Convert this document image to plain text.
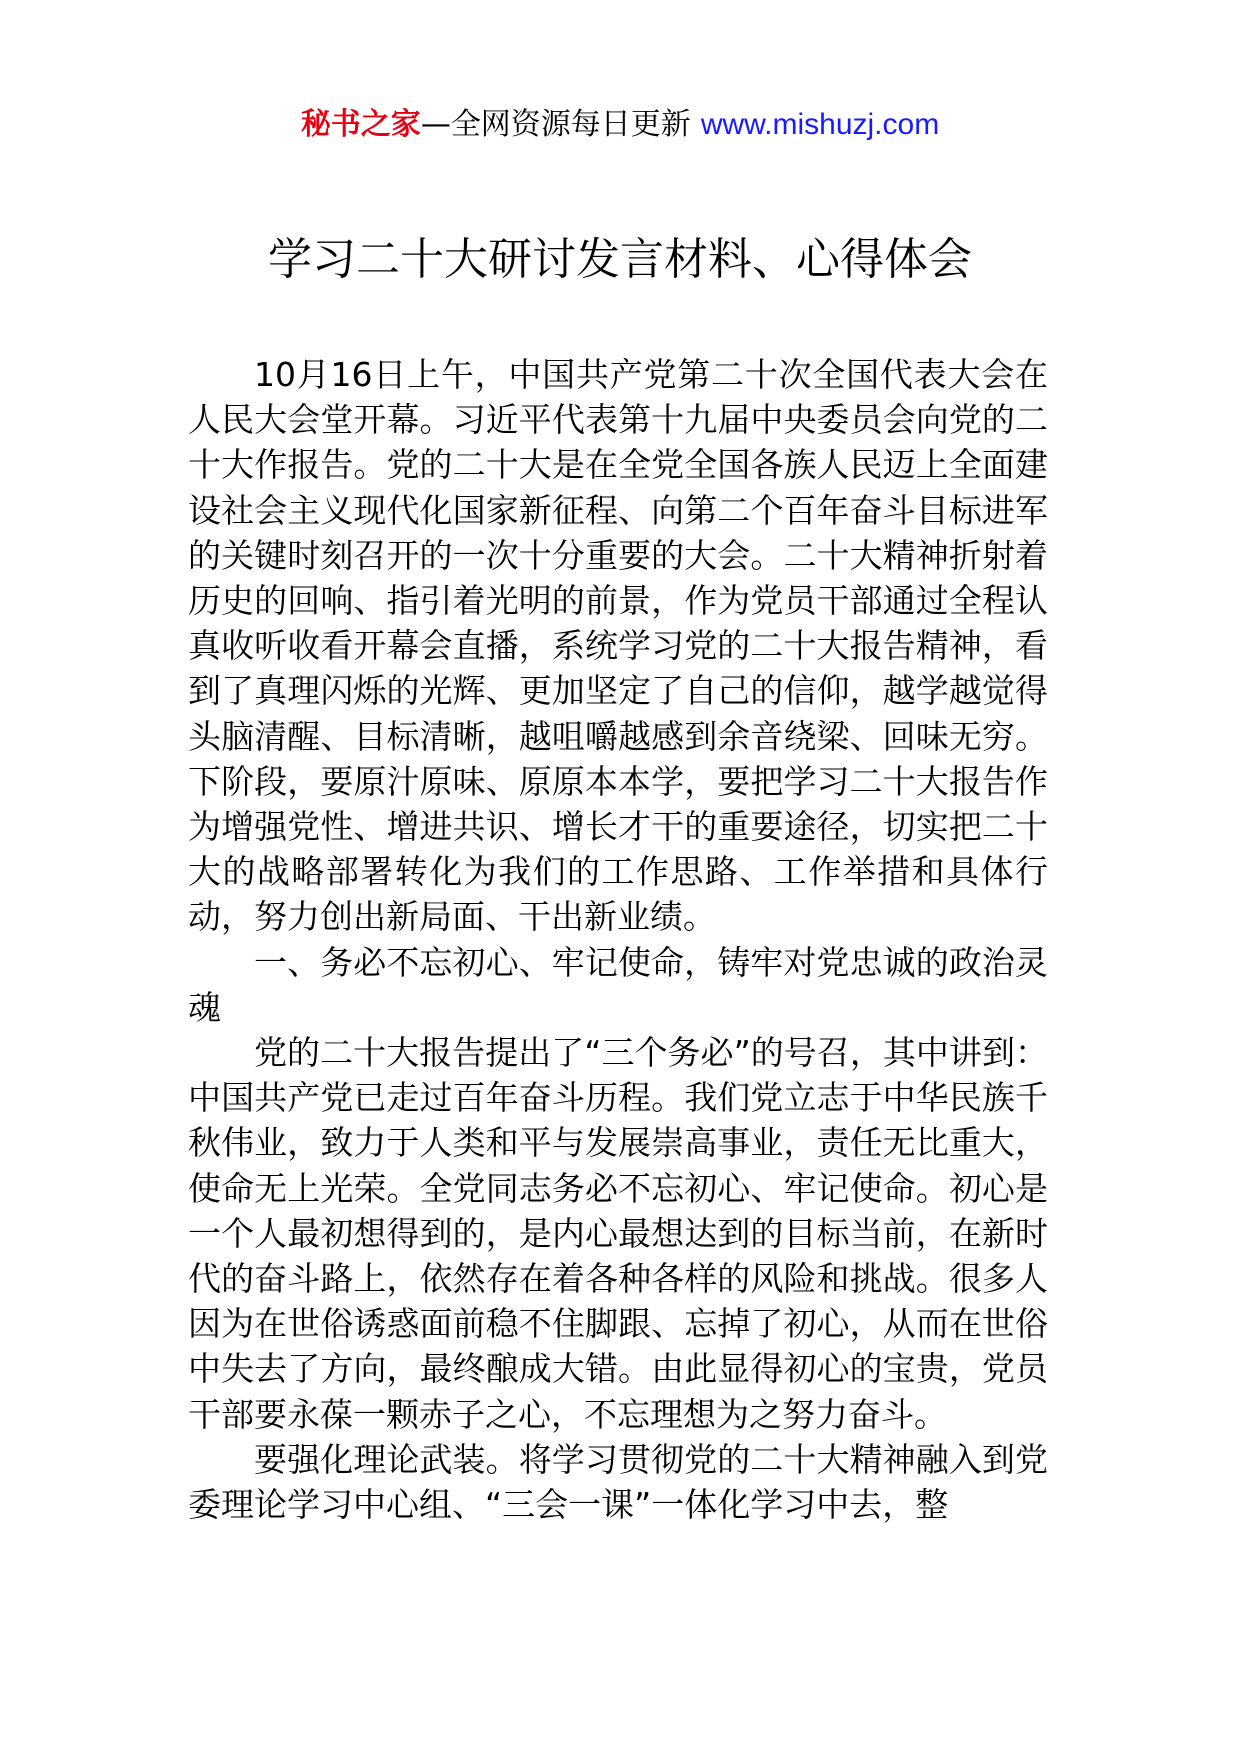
秘书之家—全网资源每日更新 www.mishuzj.com
学习二十大研讨发言材料、心得体会

10月16日上午，中国共产党第二十次全国代表大会在人民大会堂开幕。习近平代表第十九届中央委员会向党的二十大作报告。党的二十大是在全党全国各族人民迈上全面建设社会主义现代化国家新征程、向第二个百年奋斗目标进军的关键时刻召开的一次十分重要的大会。二十大精神折射着历史的回响、指引着光明的前景，作为党员干部通过全程认真收听收看开幕会直播，系统学习党的二十大报告精神，看到了真理闪烁的光辉、更加坚定了自己的信仰，越学越觉得头脑清醒、目标清晰，越咀嚼越感到余音绕梁、回味无穷。下阶段，要原汁原味、原原本本学，要把学习二十大报告作为增强党性、增进共识、增长才干的重要途径，切实把二十大的战略部署转化为我们的工作思路、工作举措和具体行动，努力创出新局面、干出新业绩。

一、务必不忘初心、牢记使命，铸牢对党忠诚的政治灵魂

党的二十大报告提出了“三个务必”的号召，其中讲到：中国共产党已走过百年奋斗历程。我们党立志于中华民族千秋伟业，致力于人类和平与发展崇高事业，责任无比重大，使命无上光荣。全党同志务必不忘初心、牢记使命。初心是一个人最初想得到的，是内心最想达到的目标当前，在新时代的奋斗路上，依然存在着各种各样的风险和挑战。很多人因为在世俗诱惑面前稳不住脚跟、忘掉了初心，从而在世俗中失去了方向，最终酿成大错。由此显得初心的宝贵，党员干部要永葆一颗赤子之心，不忘理想为之努力奋斗。

要强化理论武装。将学习贯彻党的二十大精神融入到党委理论学习中心组、“三会一课”一体化学习中去，整
